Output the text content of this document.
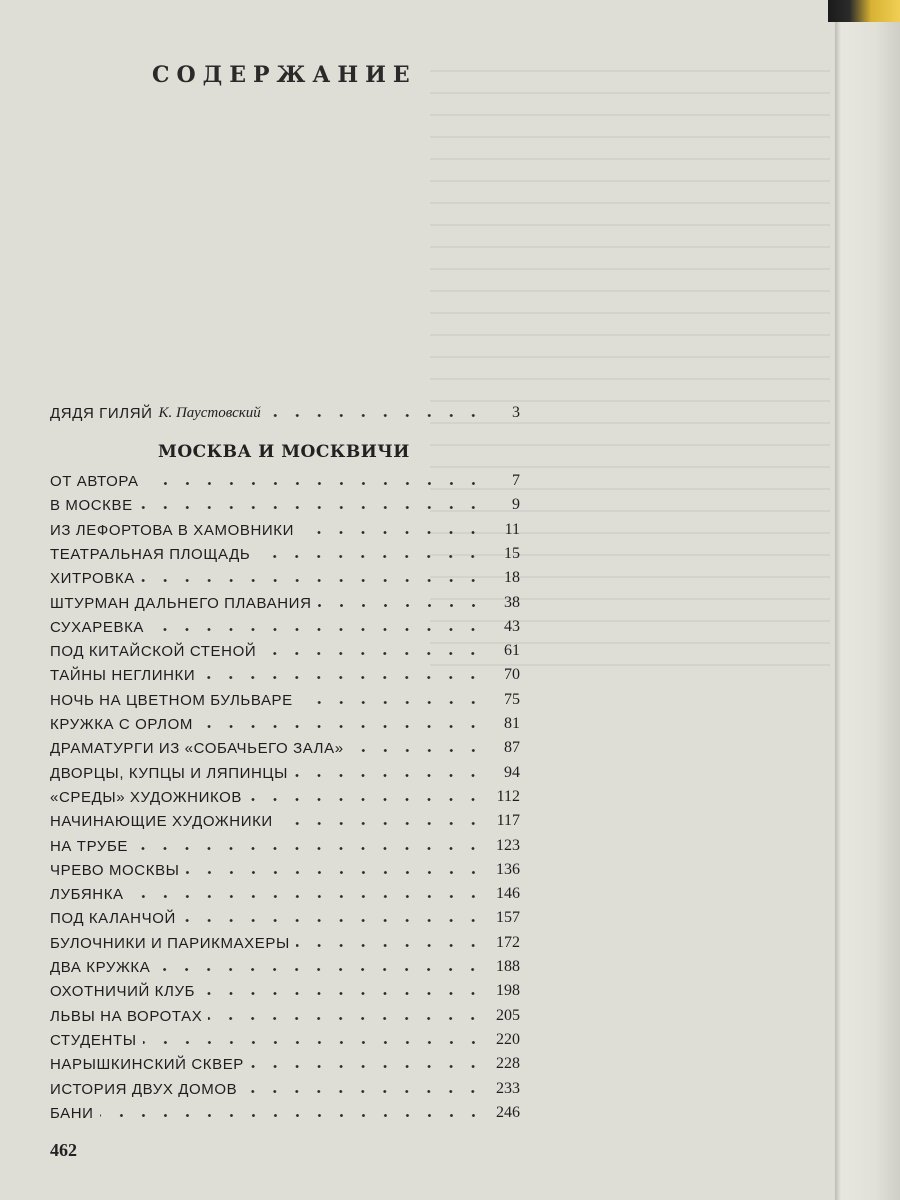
СОДЕРЖАНИЕ
ДЯДЯ ГИЛЯЙ К. Паустовский	3
МОСКВА И МОСКВИЧИ
ОТ АВТОРА	7
В МОСКВЕ	9
ИЗ ЛЕФОРТОВА В ХАМОВНИКИ	11
ТЕАТРАЛЬНАЯ ПЛОЩАДЬ	15
ХИТРОВКА	18
ШТУРМАН ДАЛЬНЕГО ПЛАВАНИЯ	38
СУХАРЕВКА	43
ПОД КИТАЙСКОЙ СТЕНОЙ	61
ТАЙНЫ НЕГЛИНКИ	70
НОЧЬ НА ЦВЕТНОМ БУЛЬВАРЕ	75
КРУЖКА С ОРЛОМ	81
ДРАМАТУРГИ ИЗ «СОБАЧЬЕГО ЗАЛА»	87
ДВОРЦЫ, КУПЦЫ И ЛЯПИНЦЫ	94
«СРЕДЫ» ХУДОЖНИКОВ	112
НАЧИНАЮЩИЕ ХУДОЖНИКИ	117
НА ТРУБЕ	123
ЧРЕВО МОСКВЫ	136
ЛУБЯНКА	146
ПОД КАЛАНЧОЙ	157
БУЛОЧНИКИ И ПАРИКМАХЕРЫ	172
ДВА КРУЖКА	188
ОХОТНИЧИЙ КЛУБ	198
ЛЬВЫ НА ВОРОТАХ	205
СТУДЕНТЫ	220
НАРЫШКИНСКИЙ СКВЕР	228
ИСТОРИЯ ДВУХ ДОМОВ	233
БАНИ	246
462
